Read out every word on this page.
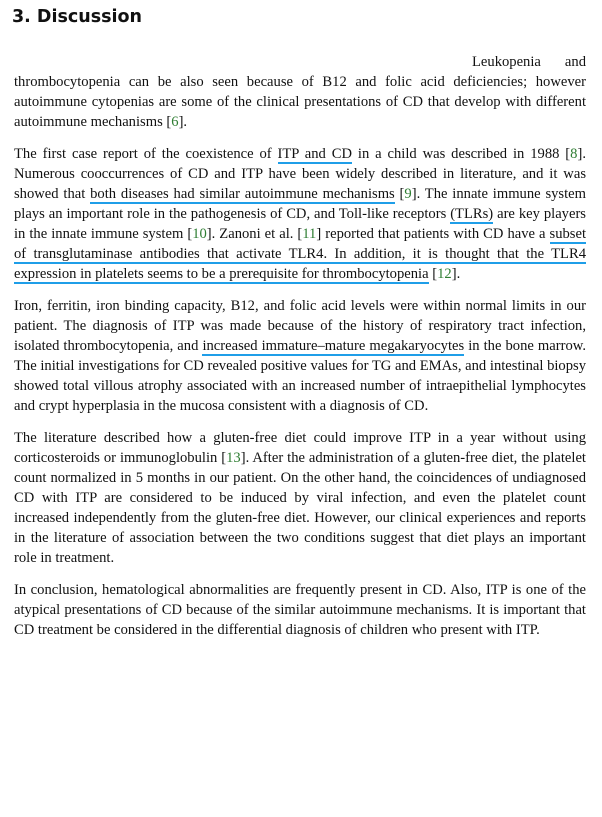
3. Discussion

Leukopenia and thrombocytopenia can be also seen because of B12 and folic acid deficiencies; however autoimmune cytopenias are some of the clinical presentations of CD that develop with different autoimmune mechanisms [6].

The first case report of the coexistence of ITP and CD in a child was described in 1988 [8]. Numerous cooccurrences of CD and ITP have been widely described in literature, and it was showed that both diseases had similar autoimmune mechanisms [9]. The innate immune system plays an important role in the pathogenesis of CD, and Toll-like receptors (TLRs) are key players in the innate immune system [10]. Zanoni et al. [11] reported that patients with CD have a subset of transglutaminase antibodies that activate TLR4. In addition, it is thought that the TLR4 expression in platelets seems to be a prerequisite for thrombocytopenia [12].

Iron, ferritin, iron binding capacity, B12, and folic acid levels were within normal limits in our patient. The diagnosis of ITP was made because of the history of respiratory tract infection, isolated thrombocytopenia, and increased immature–mature megakaryocytes in the bone marrow. The initial investigations for CD revealed positive values for TG and EMAs, and intestinal biopsy showed total villous atrophy associated with an increased number of intraepithelial lymphocytes and crypt hyperplasia in the mucosa consistent with a diagnosis of CD.

The literature described how a gluten-free diet could improve ITP in a year without using corticosteroids or immunoglobulin [13]. After the administration of a gluten-free diet, the platelet count normalized in 5 months in our patient. On the other hand, the coincidences of undiagnosed CD with ITP are considered to be induced by viral infection, and even the platelet count increased independently from the gluten-free diet. However, our clinical experiences and reports in the literature of association between the two conditions suggest that diet plays an important role in treatment.

In conclusion, hematological abnormalities are frequently present in CD. Also, ITP is one of the atypical presentations of CD because of the similar autoimmune mechanisms. It is important that CD treatment be considered in the differential diagnosis of children who present with ITP.
